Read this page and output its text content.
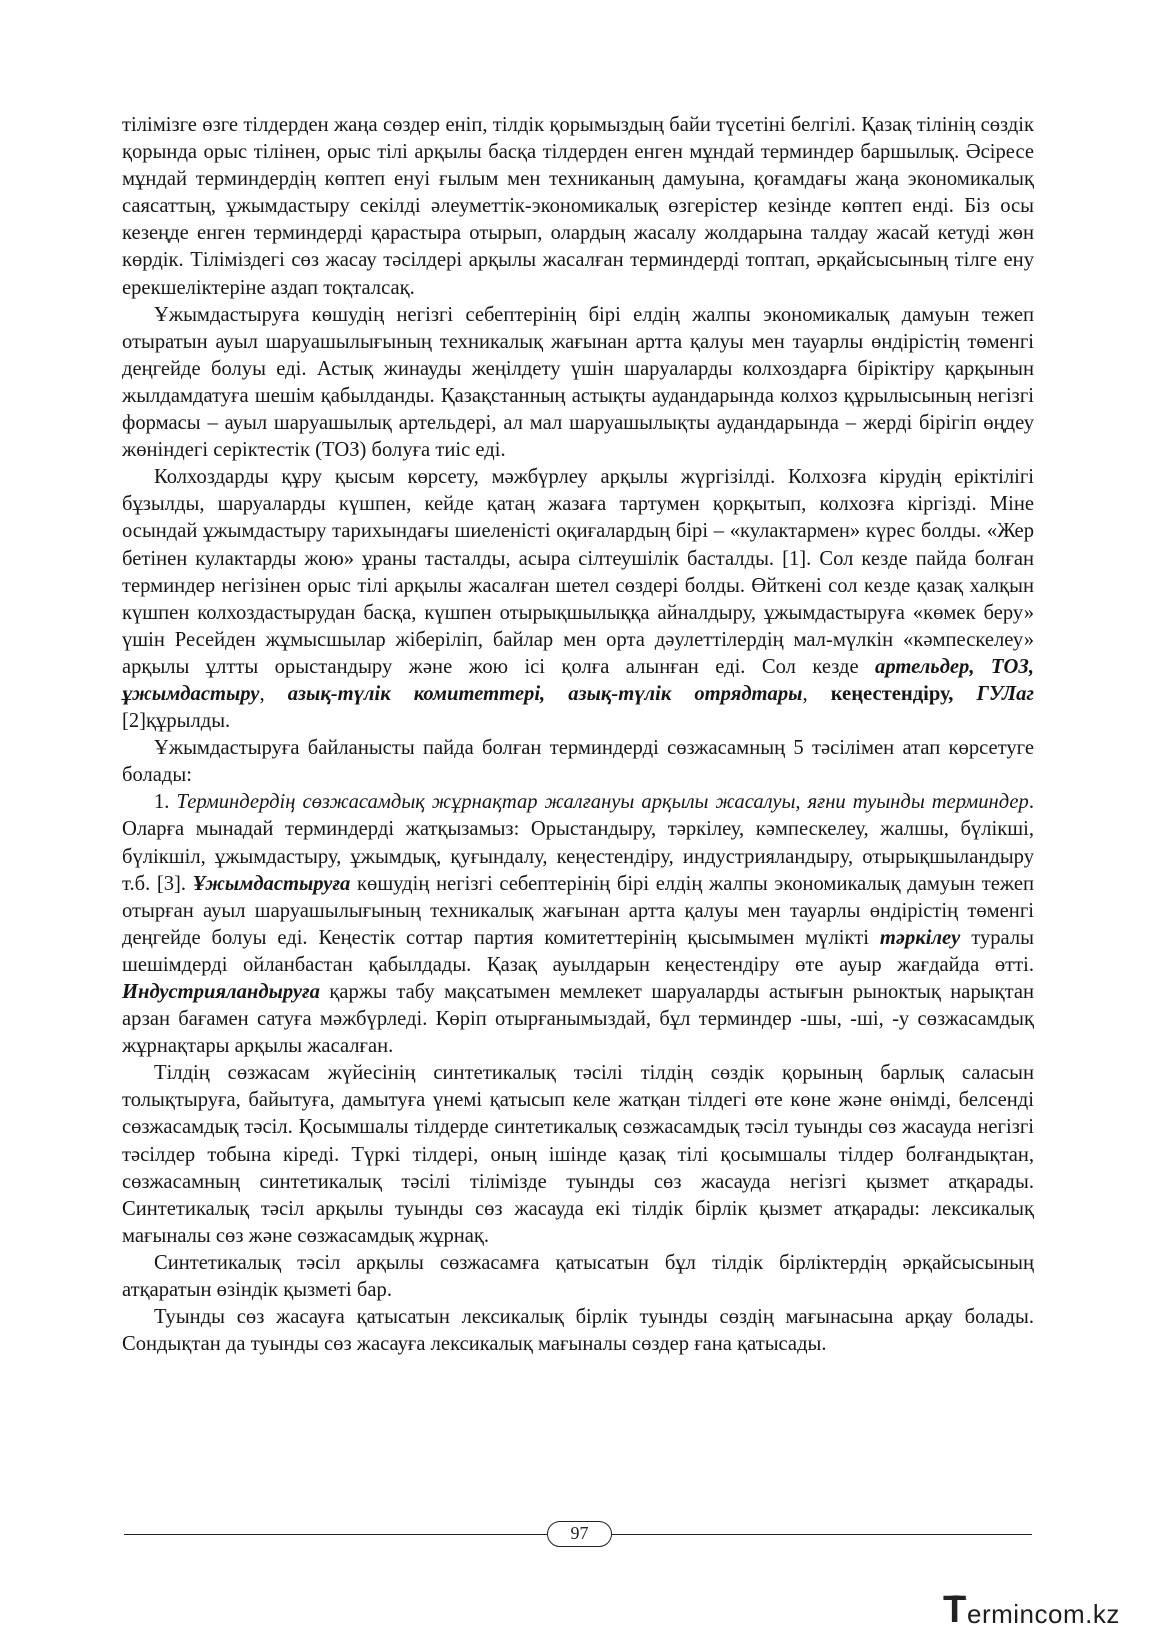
тілімізге өзге тілдерден жаңа сөздер еніп, тілдік қорымыздың байи түсетіні белгілі. Қазақ тілінің сөздік қорында орыс тілінен, орыс тілі арқылы басқа тілдерден енген мұндай терминдер баршылық. Әсіресе мұндай терминдердің көптеп енуі ғылым мен техниканың дамуына, қоғамдағы жаңа экономикалық саясаттың, ұжымдастыру секілді әлеуметтік-экономикалық өзгерістер кезінде көптеп енді. Біз осы кезеңде енген терминдерді қарастыра отырып, олардың жасалу жолдарына талдау жасай кетуді жөн көрдік. Тіліміздегі сөз жасау тәсілдері арқылы жасалған терминдерді топтап, әрқайсысының тілге ену ерекшеліктеріне аздап тоқталсақ.

Ұжымдастыруға көшудің негізгі себептерінің бірі елдің жалпы экономикалық дамуын тежеп отыратын ауыл шаруашылығының техникалық жағынан артта қалуы мен тауарлы өндірістің төменгі деңгейде болуы еді. Астық жинауды жеңілдету үшін шаруаларды колхоздарға біріктіру қарқынын жылдамдатуға шешім қабылданды. Қазақстанның астықты аудандарында колхоз құрылысының негізгі формасы – ауыл шаруашылық артельдері, ал мал шаруашылықты аудандарында – жерді бірігіп өңдеу жөніндегі серіктестік (ТОЗ) болуға тиіс еді.

Колхоздарды құру қысым көрсету, мәжбүрлеу арқылы жүргізілді. Колхозға кірудің еріктілігі бұзылды, шаруаларды күшпен, кейде қатаң жазаға тартумен қорқытып, колхозға кіргізді. Міне осындай ұжымдастыру тарихындағы шиеленісті оқиғалардың бірі – «кулактармен» күрес болды. «Жер бетінен кулактарды жою» ұраны тасталды, асыра сілтеушілік басталды. [1]. Сол кезде пайда болған терминдер негізінен орыс тілі арқылы жасалған шетел сөздері болды. Өйткені сол кезде қазақ халқын күшпен колхоздастырудан басқа, күшпен отырықшылыққа айналдыру, ұжымдастыруға «көмек беру» үшін Ресейден жұмысшылар жіберіліп, байлар мен орта дәулеттілердің мал-мүлкін «кәмпескелеу» арқылы ұлтты орыстандыру және жою ісі қолға алынған еді. Сол кезде артельдер, ТОЗ, ұжымдастыру, азық-түлік комитеттері, азық-түлік отрядтары, кеңестендіру, ГУЛаг [2]құрылды.

Ұжымдастыруға байланысты пайда болған терминдерді сөзжасамның 5 тәсілімен атап көрсетуге болады:

1. Терминдердің сөзжасамдық жұрнақтар жалғануы арқылы жасалуы, яғни туынды терминдер. Оларға мынадай терминдерді жатқызамыз: Орыстандыру, тәркілеу, кәмпескелеу, жалшы, бүлікші, бүлікшіл, ұжымдастыру, ұжымдық, қуғындалу, кеңестендіру, индустрияландыру, отырықшыландыру т.б. [3]. Ұжымдастыруға көшудің негізгі себептерінің бірі елдің жалпы экономикалық дамуын тежеп отырған ауыл шаруашылығының техникалық жағынан артта қалуы мен тауарлы өндірістің төменгі деңгейде болуы еді. Кеңестік соттар партия комитеттерінің қысымымен мүлікті тәркілеу туралы шешімдерді ойланбастан қабылдады. Қазақ ауылдарын кеңестендіру өте ауыр жағдайда өтті. Индустрияландыруға қаржы табу мақсатымен мемлекет шаруаларды астығын рыноктық нарықтан арзан бағамен сатуға мәжбүрледі. Көріп отырғанымыздай, бұл терминдер -шы, -ші, -у сөзжасамдық жұрнақтары арқылы жасалған.

Тілдің сөзжасам жүйесінің синтетикалық тәсілі тілдің сөздік қорының барлық саласын толықтыруға, байытуға, дамытуға үнемі қатысып келе жатқан тілдегі өте көне және өнімді, белсенді сөзжасамдық тәсіл. Қосымшалы тілдерде синтетикалық сөзжасамдық тәсіл туынды сөз жасауда негізгі тәсілдер тобына кіреді. Түркі тілдері, оның ішінде қазақ тілі қосымшалы тілдер болғандықтан, сөзжасамның синтетикалық тәсілі тілімізде туынды сөз жасауда негізгі қызмет атқарады. Синтетикалық тәсіл арқылы туынды сөз жасауда екі тілдік бірлік қызмет атқарады: лексикалық мағыналы сөз және сөзжасамдық жұрнақ.

Синтетикалық тәсіл арқылы сөзжасамға қатысатын бұл тілдік бірліктердің әрқайсысының атқаратын өзіндік қызметі бар.

Туынды сөз жасауға қатысатын лексикалық бірлік туынды сөздің мағынасына арқау болады. Сондықтан да туынды сөз жасауға лексикалық мағыналы сөздер ғана қатысады.

97
T ermincom.kz
